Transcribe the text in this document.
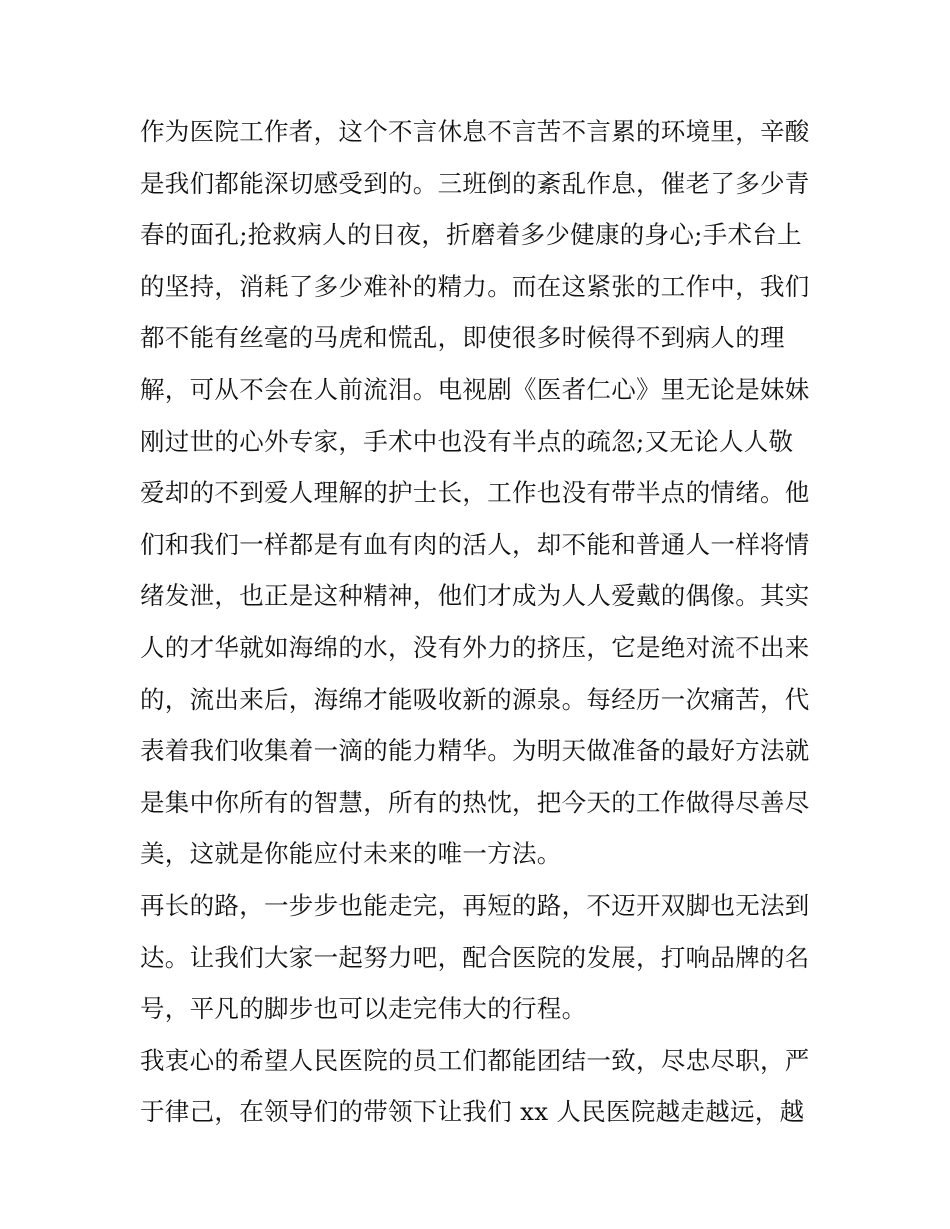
作为医院工作者，这个不言休息不言苦不言累的环境里，辛酸
是我们都能深切感受到的。三班倒的紊乱作息，催老了多少青
春的面孔;抢救病人的日夜，折磨着多少健康的身心;手术台上
的坚持，消耗了多少难补的精力。而在这紧张的工作中，我们
都不能有丝毫的马虎和慌乱，即使很多时候得不到病人的理
解，可从不会在人前流泪。电视剧《医者仁心》里无论是妹妹
刚过世的心外专家，手术中也没有半点的疏忽;又无论人人敬
爱却的不到爱人理解的护士长，工作也没有带半点的情绪。他
们和我们一样都是有血有肉的活人，却不能和普通人一样将情
绪发泄，也正是这种精神，他们才成为人人爱戴的偶像。其实
人的才华就如海绵的水，没有外力的挤压，它是绝对流不出来
的，流出来后，海绵才能吸收新的源泉。每经历一次痛苦，代
表着我们收集着一滴的能力精华。为明天做准备的最好方法就
是集中你所有的智慧，所有的热忱，把今天的工作做得尽善尽
美，这就是你能应付未来的唯一方法。
再长的路，一步步也能走完，再短的路，不迈开双脚也无法到
达。让我们大家一起努力吧，配合医院的发展，打响品牌的名
号，平凡的脚步也可以走完伟大的行程。
我衷心的希望人民医院的员工们都能团结一致，尽忠尽职，严
于律己，在领导们的带领下让我们 xx 人民医院越走越远，越
